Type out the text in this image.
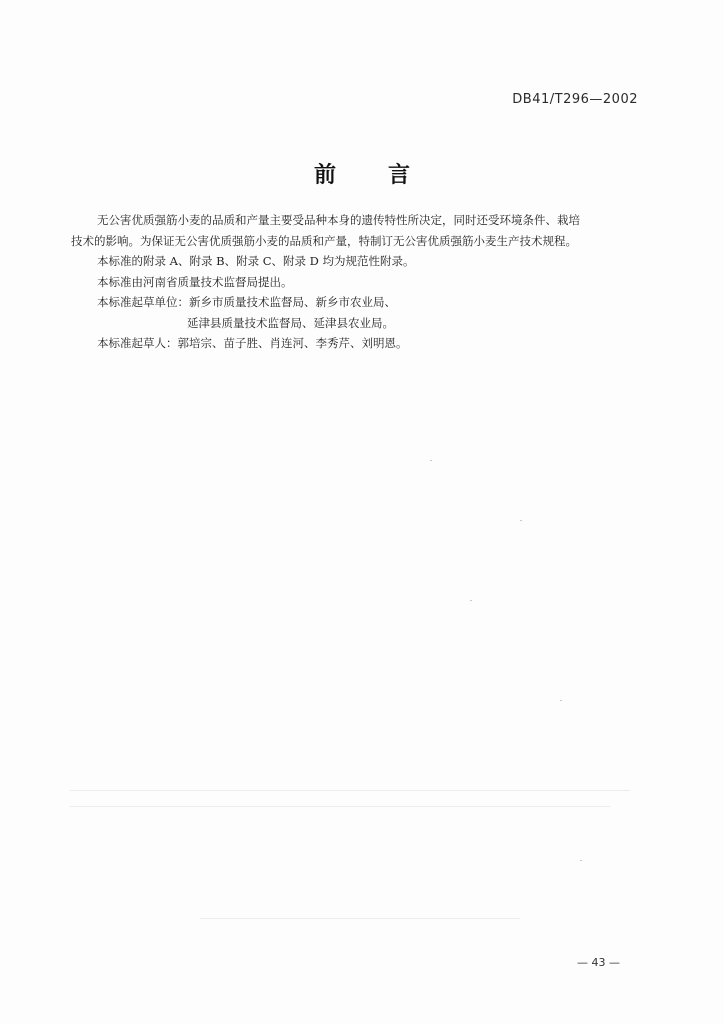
DB41/T296—2002
前言

无公害优质强筋小麦的品质和产量主要受品种本身的遗传特性所决定，同时还受环境条件、栽培

技术的影响。为保证无公害优质强筋小麦的品质和产量，特制订无公害优质强筋小麦生产技术规程。

本标准的附录 A、附录 B、附录 C、附录 D 均为规范性附录。

本标准由河南省质量技术监督局提出。

本标准起草单位：新乡市质量技术监督局、新乡市农业局、

延津县质量技术监督局、延津县农业局。

本标准起草人：郭培宗、苗子胜、肖连河、李秀芹、刘明恩。

— 43 —
